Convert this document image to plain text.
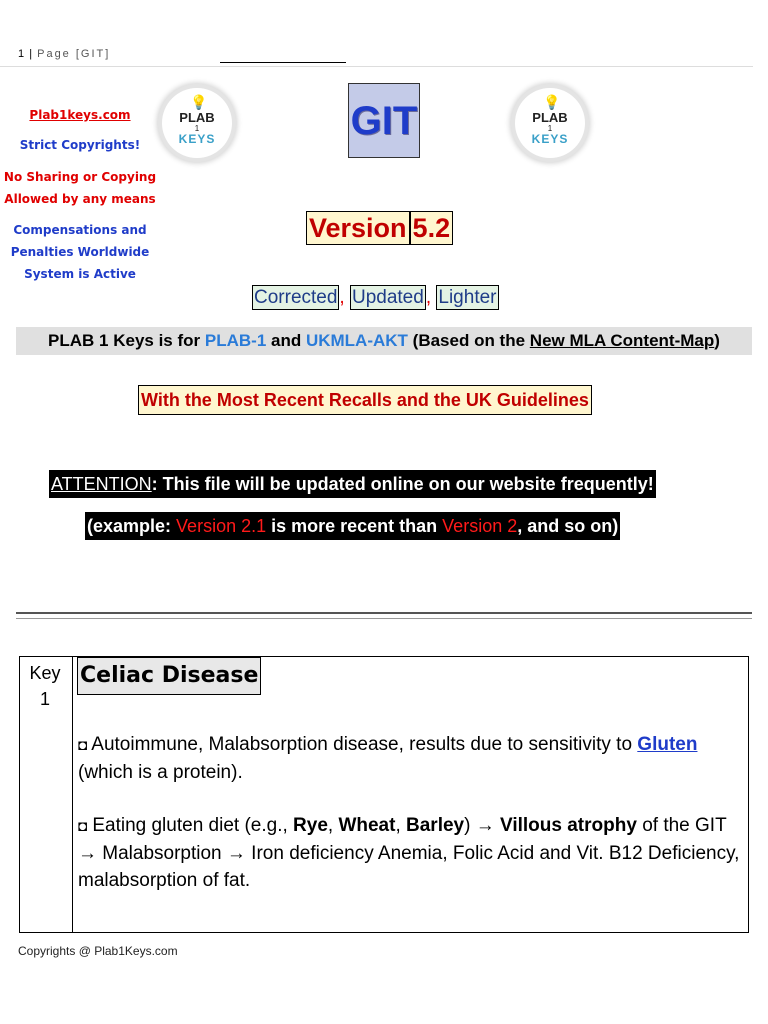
1 | Page [GIT]
Plab1keys.com
Strict Copyrights!
No Sharing or Copying
Allowed by any means
Compensations and
Penalties Worldwide
System is Active
💡
PLAB
1
KEYS
💡
PLAB
1
KEYS
GIT
Version 5.2
Corrected , Updated , Lighter
PLAB 1 Keys is for PLAB-1 and UKMLA-AKT (Based on the New MLA Content-Map)
With the Most Recent Recalls and the UK Guidelines
ATTENTION: This file will be updated online on our website frequently!
(example: Version 2.1 is more recent than Version 2, and so on)
Key
1
Celiac Disease
◘ Autoimmune, Malabsorption disease, results due to sensitivity to Gluten
(which is a protein).
◘ Eating gluten diet (e.g., Rye, Wheat, Barley) → Villous atrophy of the GIT → Malabsorption → Iron deficiency Anemia, Folic Acid and Vit. B12 Deficiency, malabsorption of fat.
Copyrights @ Plab1Keys.com
